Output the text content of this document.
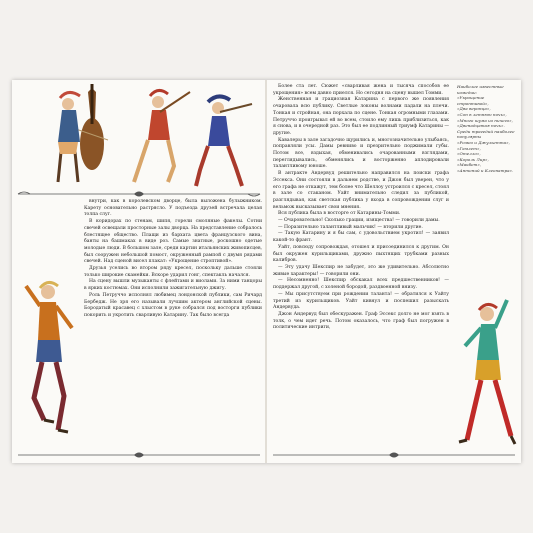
внутри, как в королевском дворце, была выложена булыжником. Карету основательно растрясло. У подъезда друзей встречала целая толпа слуг.

В коридорах по стенам, шипя, горели смоляные факелы. Сотни свечей освещали просторные залы дворца. На представление собралось блестящее общество. Плащи из бархата цвета французского вина, банты на башмаках в виде роз. Самые знатные, роскошно одетые молодые люди. В большом зале, среди картин итальянских живописцев, был сооружен небольшой помост, окруженный рампой с двумя рядами свечей. Над сценой висел плакат: «Укрощение строптивой».

Друзья уселись во втором ряду кресел, поскольку дальше стояли только широкие скамейки. Вскоре ударил гонг, спектакль начался.

На сцену вышли музыканты с флейтами и виолами. За ними танцоры в ярких костюмах. Они исполнили зажигательную джигу.

Роль Петруччо исполнял любимец лондонской публики, сам Ричард Бербедж. Не зря его называли лучшим актером английской сцены. Бородатый красавец с хлыстом в руке собрался под восторги публики покорить и укротить сварливую Катарину. Так было всегда

Более ста лет. Сюжет «сварливая жена и тысяча способов ее укрощения» всем давно приелся. Но сегодня на сцену вышел Томми.

Женственная и грациозная Катарина с первого же появления очаровала всю публику. Светлые локоны волнами падали на плечи. Тонкая и стройная, она порхала по сцене. Тонкая огромными глазами. Петруччо проигрывал ей во всем, стоило ему лишь приблизиться, как я снова, и в очередной раз. Это был ее подлинный триумф Катарины — другие.

Кавалеры в зале загадочно щурились и, многозначительно улыбаясь, поправляли усы. Дамы ревниво и презрительно поджимали губы. Потом все, вздыхая, обменивались очарованными взглядами, переглядывались, обменялись и восторженно аплодировали талантливому юноше.

В антракте Андервуд решительно направился на поиски графа Эссекса. Они состояли в дальнем родстве, и Джон был уверен, что у его графа не откажут, тем более что Шеллоу устроился с кресел, стоял в зале со стаканом. Уайт внимательно следил за публикой, разглядывая, как светская публика у входа в сопровождении слуг и вельмож высказывает свои мнения.

Вся публика была в восторге от Катарины-Томми.

— Очаровательно! Сколько грации, изящества! — говорили дамы.

— Поразительно талантливый мальчик! — вторили другие.

— Такую Катарину и я бы сам, с удовольствием укротил! — заявил какой-то франт.

Уайт, повсюду сопровождая, отошел и присоединился к другим. Он был окружен курильщиками, дружно пыхтящих трубками разных калибров.

— Эту удачу Шекспир не забудет, это же удивительно. Абсолютно живые характеры! — говорили они.

— Несомненно! Шекспир обскакал всех предшественников! — поддержал другой, с холеной бородой, раздвоенной внизу.

— Мы присутствуем при рождении таланта! — обратился к Уайту третий из курильщиков. Уайт кивнул и поспешил разыскать Андервуда.

Джон Андервуд был обескуражен. Граф Эссекс долго не мог взять в толк, о чем идет речь. Потом оказалось, что граф был погружен в политические интриги,

Наиболее известные комедии:
«Укрощение строптивой»,
«Два веронца»,
«Сон в летнюю ночь»,
«Много шума из ничего»,
«Двенадцатая ночь».
Среди трагедий наиболее популярны
«Ромео и Джульетта», «Гамлет»,
«Отелло»,
«Король Лир»,
«Макбет»,
«Антоний и Клеопатра».
